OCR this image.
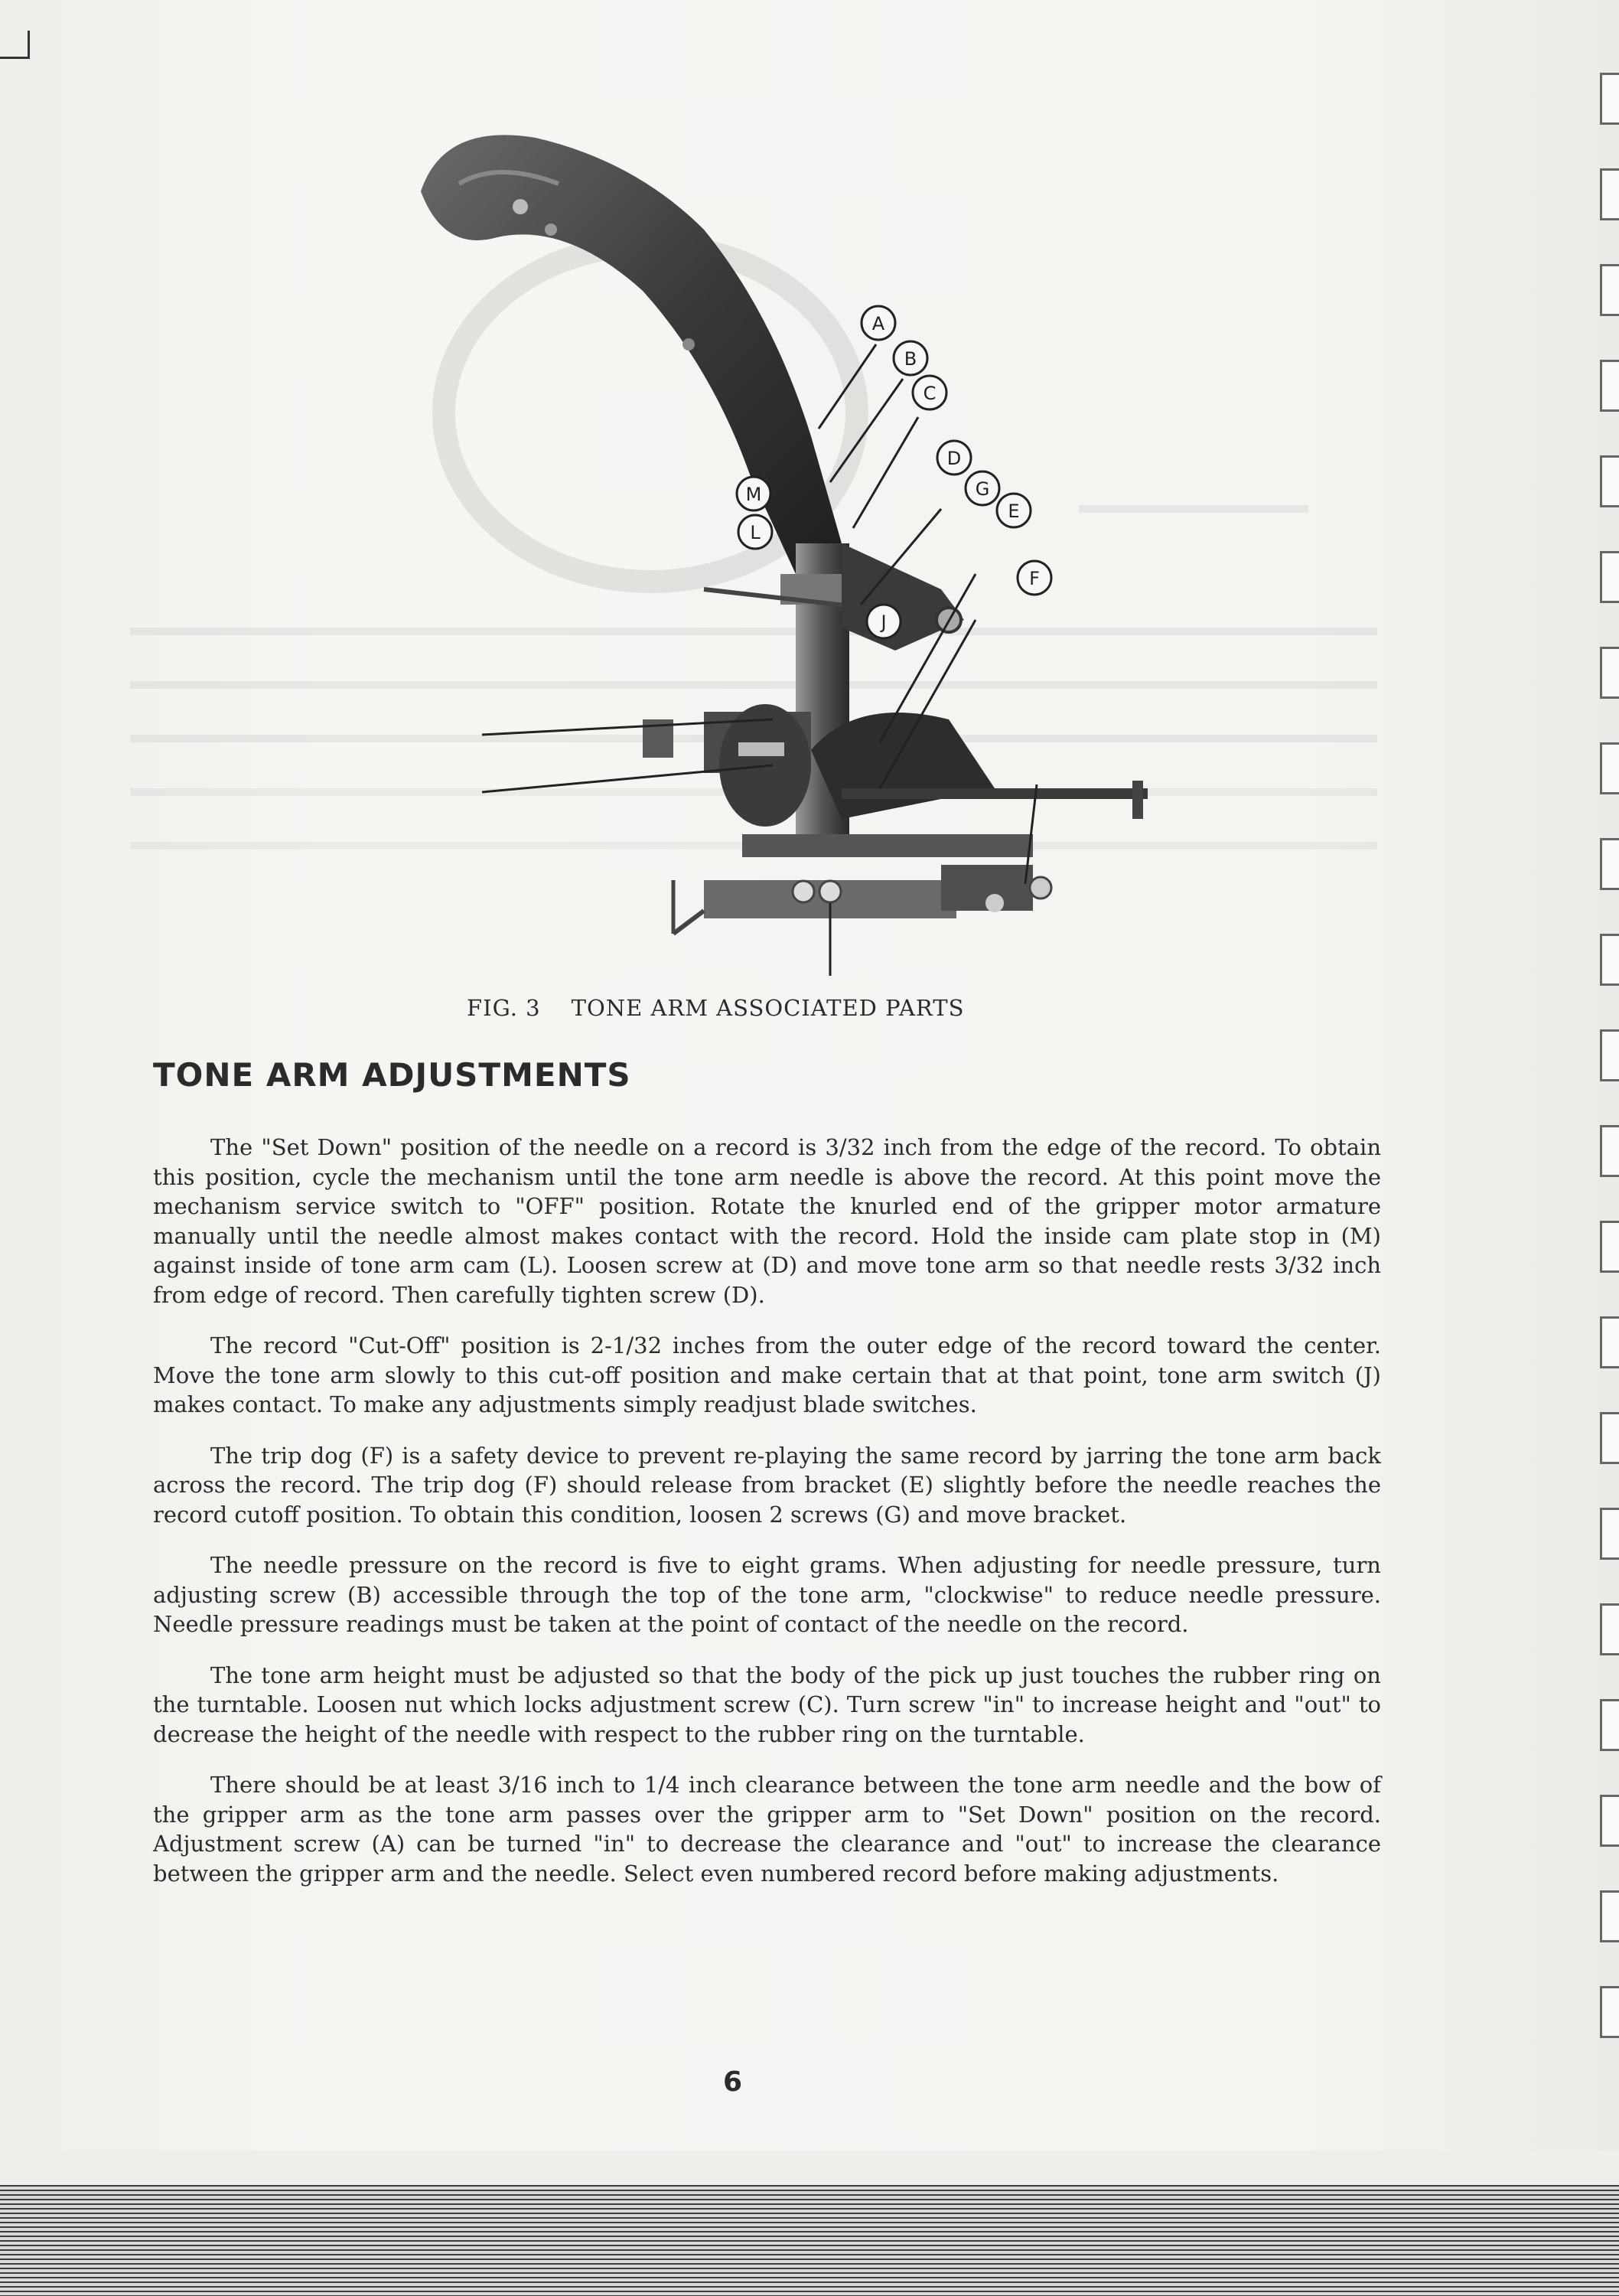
A
B
C
D
E
F
G
J
L
M
FIG. 3 TONE ARM ASSOCIATED PARTS
TONE ARM ADJUSTMENTS

The "Set Down" position of the needle on a record is 3/32 inch from the edge of the record. To obtain this position, cycle the mechanism until the tone arm needle is above the record. At this point move the mechanism service switch to "OFF" position. Rotate the knurled end of the gripper motor armature manually until the needle almost makes contact with the record. Hold the inside cam plate stop in (M) against inside of tone arm cam (L). Loosen screw at (D) and move tone arm so that needle rests 3/32 inch from edge of record. Then carefully tighten screw (D).

The record "Cut-Off" position is 2-1/32 inches from the outer edge of the record toward the center. Move the tone arm slowly to this cut-off position and make certain that at that point, tone arm switch (J) makes contact. To make any adjustments simply readjust blade switches.

The trip dog (F) is a safety device to prevent re-playing the same record by jarring the tone arm back across the record. The trip dog (F) should release from bracket (E) slightly before the needle reaches the record cutoff position. To obtain this condition, loosen 2 screws (G) and move bracket.

The needle pressure on the record is five to eight grams. When adjusting for needle pressure, turn adjusting screw (B) accessible through the top of the tone arm, "clockwise" to reduce needle pressure. Needle pressure readings must be taken at the point of contact of the needle on the record.

The tone arm height must be adjusted so that the body of the pick up just touches the rubber ring on the turntable. Loosen nut which locks adjustment screw (C). Turn screw "in" to increase height and "out" to decrease the height of the needle with respect to the rubber ring on the turntable.

There should be at least 3/16 inch to 1/4 inch clearance between the tone arm needle and the bow of the gripper arm as the tone arm passes over the gripper arm to "Set Down" position on the record. Adjustment screw (A) can be turned "in" to decrease the clearance and "out" to increase the clearance between the gripper arm and the needle. Select even numbered record before making adjustments.

6
